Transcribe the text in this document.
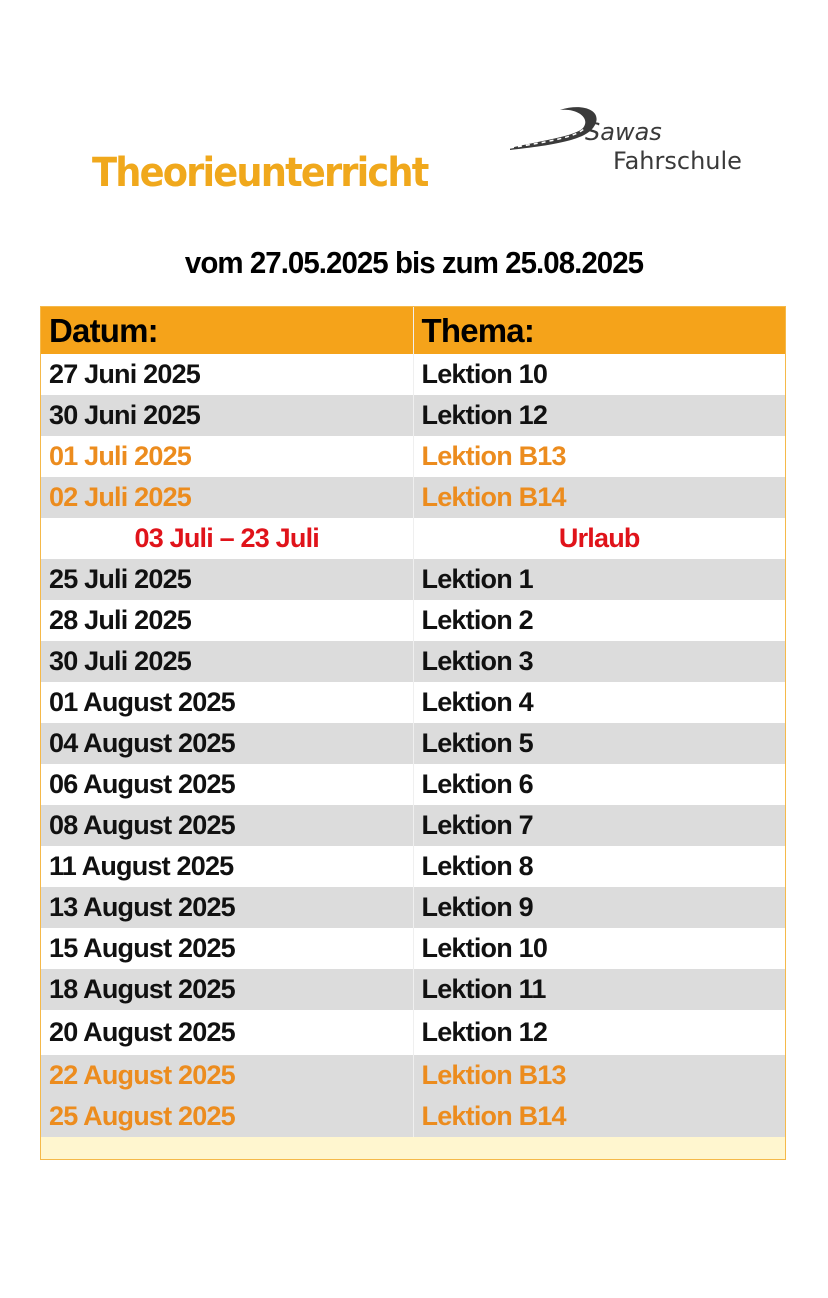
Theorieunterricht
Sawas
Fahrschule
vom 27.05.2025 bis zum 25.08.2025
Datum:	Thema:
27 Juni 2025	Lektion 10
30 Juni 2025	Lektion 12
01 Juli 2025	Lektion B13
02 Juli 2025	Lektion B14
03 Juli – 23 Juli	Urlaub
25 Juli 2025	Lektion 1
28 Juli 2025	Lektion 2
30 Juli 2025	Lektion 3
01 August 2025	Lektion 4
04 August 2025	Lektion 5
06 August 2025	Lektion 6
08 August 2025	Lektion 7
11 August 2025	Lektion 8
13 August 2025	Lektion 9
15 August 2025	Lektion 10
18 August 2025	Lektion 11
20 August 2025	Lektion 12
22 August 2025	Lektion B13
25 August 2025	Lektion B14
